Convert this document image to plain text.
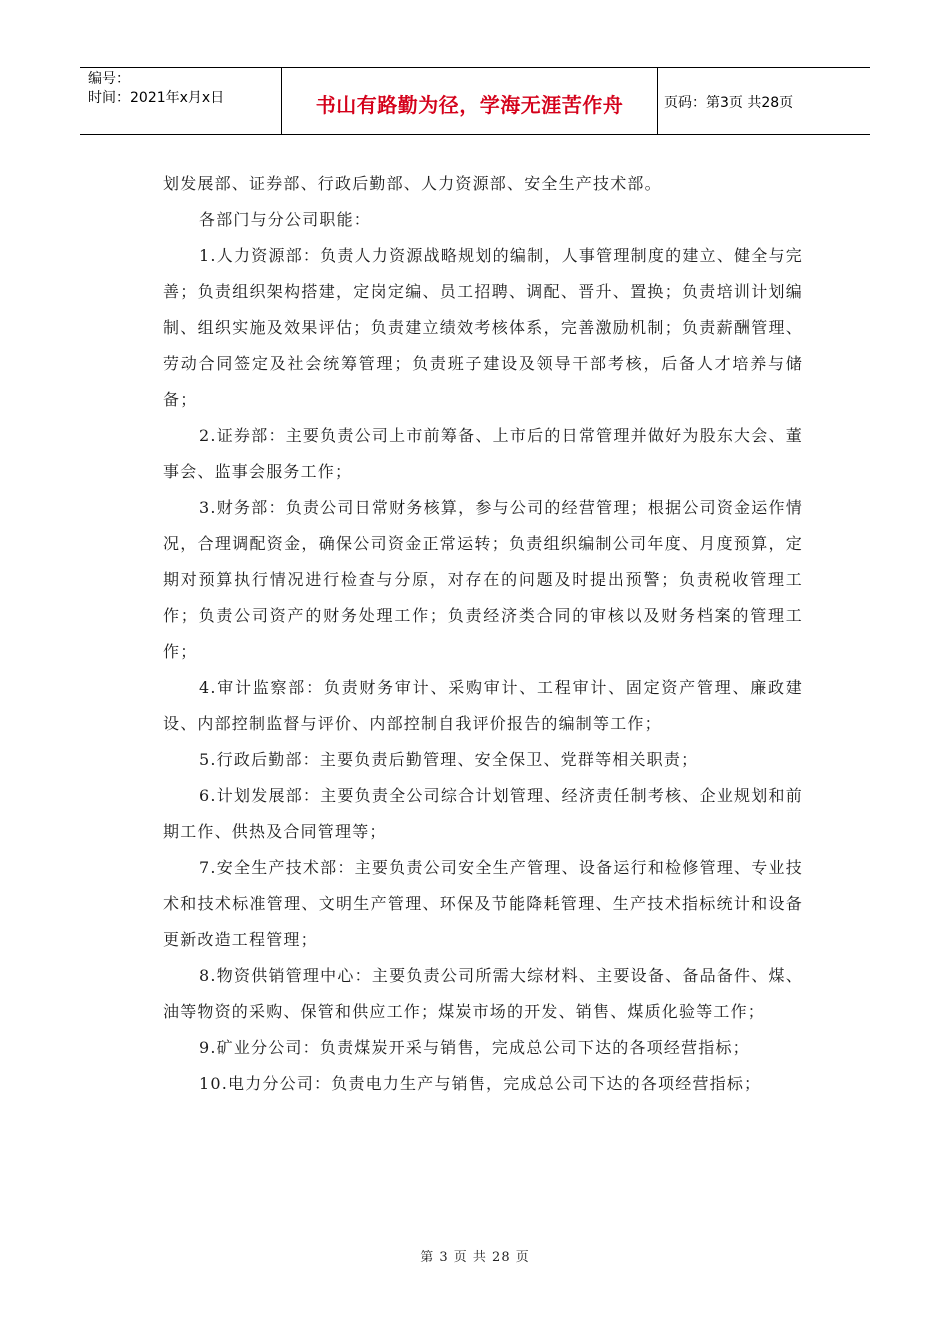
编号：
时间：2021年x月x日	书山有路勤为径，学海无涯苦作舟	页码：第3页 共28页

划发展部、证券部、行政后勤部、人力资源部、安全生产技术部。

各部门与分公司职能：

1.人力资源部：负责人力资源战略规划的编制，人事管理制度的建立、健全与完善；负责组织架构搭建，定岗定编、员工招聘、调配、晋升、置换；负责培训计划编制、组织实施及效果评估；负责建立绩效考核体系，完善激励机制；负责薪酬管理、劳动合同签定及社会统筹管理；负责班子建设及领导干部考核，后备人才培养与储备；

2.证券部：主要负责公司上市前筹备、上市后的日常管理并做好为股东大会、董事会、监事会服务工作；

3.财务部：负责公司日常财务核算，参与公司的经营管理；根据公司资金运作情况，合理调配资金，确保公司资金正常运转；负责组织编制公司年度、月度预算，定期对预算执行情况进行检查与分原，对存在的问题及时提出预警；负责税收管理工作；负责公司资产的财务处理工作；负责经济类合同的审核以及财务档案的管理工作；

4.审计监察部：负责财务审计、采购审计、工程审计、固定资产管理、廉政建设、内部控制监督与评价、内部控制自我评价报告的编制等工作；

5.行政后勤部：主要负责后勤管理、安全保卫、党群等相关职责；

6.计划发展部：主要负责全公司综合计划管理、经济责任制考核、企业规划和前期工作、供热及合同管理等；

7.安全生产技术部：主要负责公司安全生产管理、设备运行和检修管理、专业技术和技术标准管理、文明生产管理、环保及节能降耗管理、生产技术指标统计和设备更新改造工程管理；

8.物资供销管理中心：主要负责公司所需大综材料、主要设备、备品备件、煤、油等物资的采购、保管和供应工作；煤炭市场的开发、销售、煤质化验等工作；

9.矿业分公司：负责煤炭开采与销售，完成总公司下达的各项经营指标；

10.电力分公司：负责电力生产与销售，完成总公司下达的各项经营指标；

第 3 页 共 28 页
